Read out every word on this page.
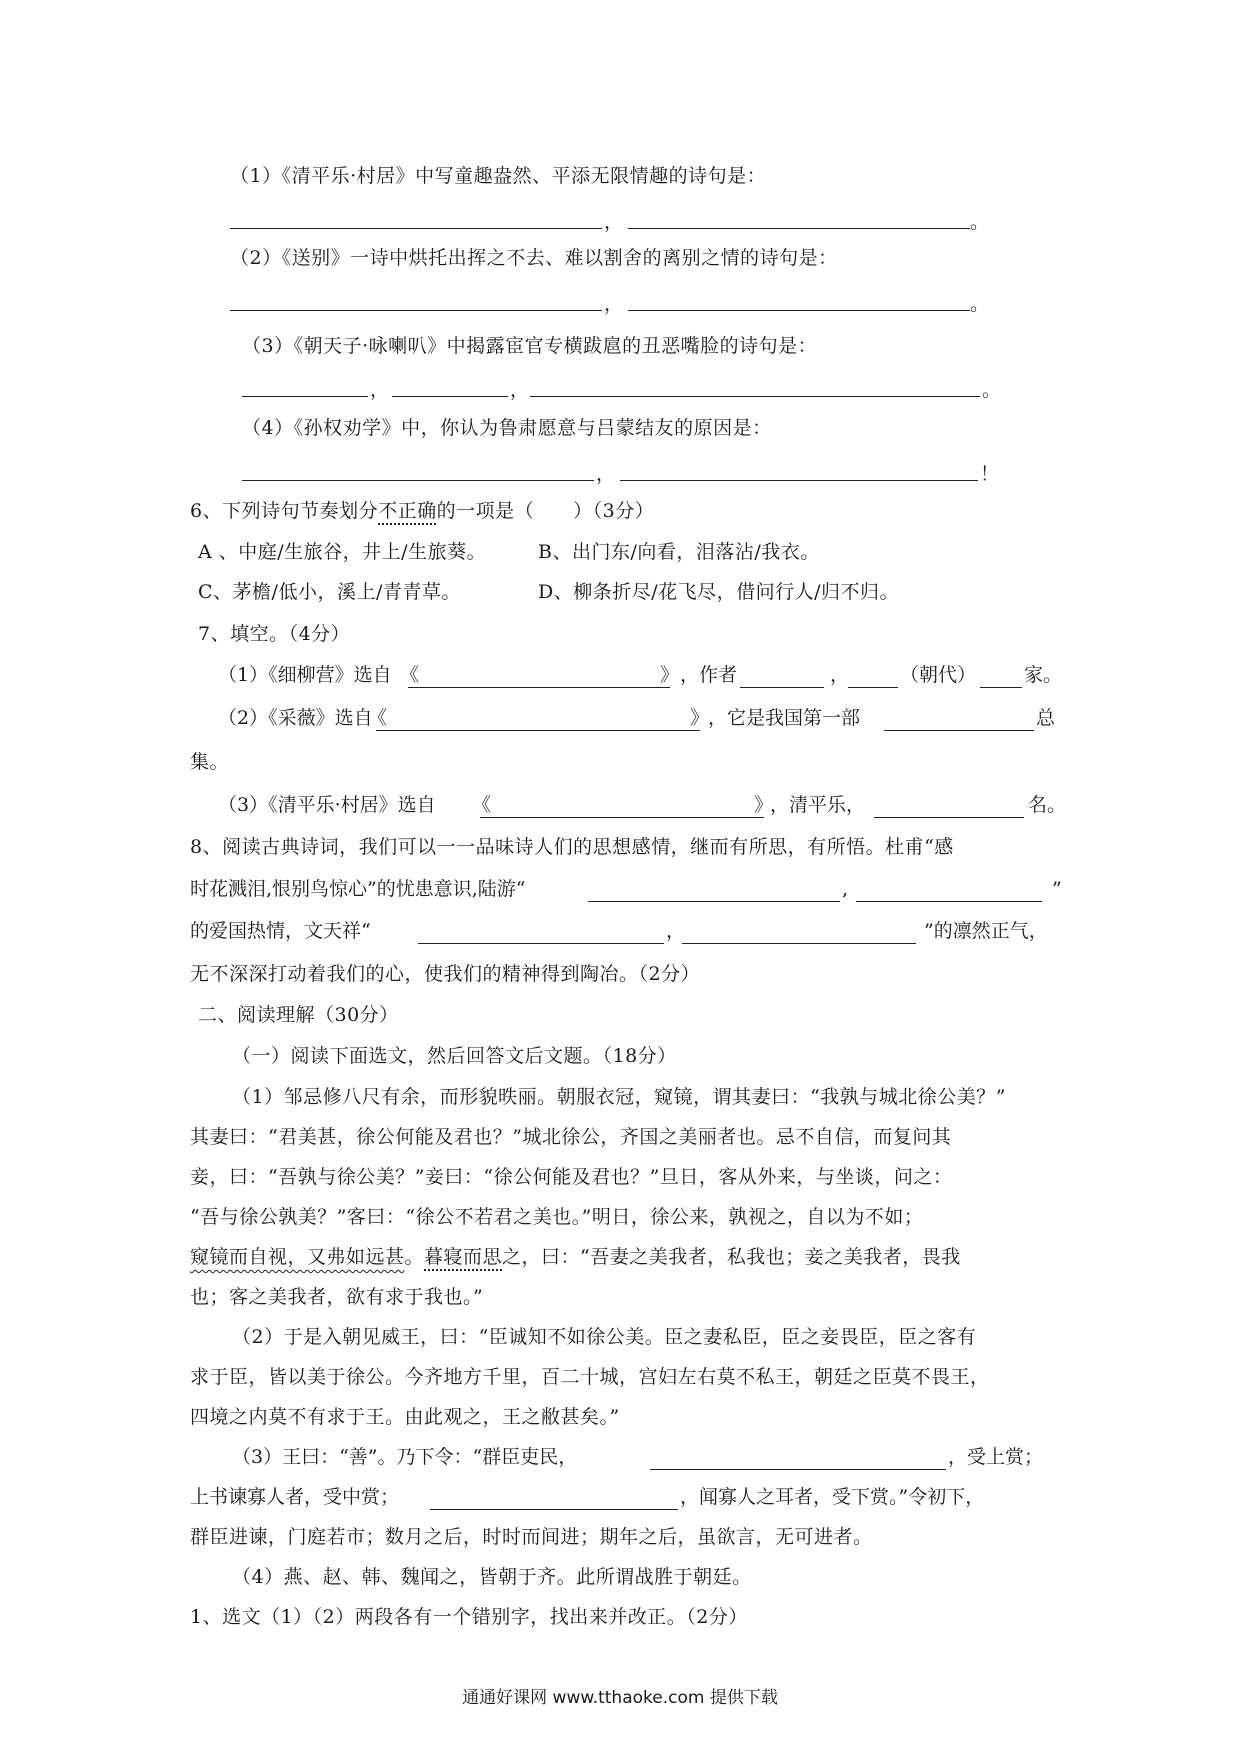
（1）《清平乐·村居》中写童趣盎然、平添无限情趣的诗句是：
，	。
（2）《送别》一诗中烘托出挥之不去、难以割舍的离别之情的诗句是：
，	。
（3）《朝天子·咏喇叭》中揭露宦官专横跋扈的丑恶嘴脸的诗句是：
，	，	。
（4）《孙权劝学》中，你认为鲁肃愿意与吕蒙结友的原因是：
，	！
6、下列诗句节奏划分不正确的一项是（　　）（3分）
A 、中庭/生旅谷，井上/生旅葵。	B、出门东/向看，泪落沾/我衣。
C、茅檐/低小，溪上/青青草。	D、柳条折尽/花飞尽，借问行人/归不归。
7、填空。（4分）
（1）《细柳营》选自 《	》 ，作者	，	（朝代）	家。
（2）《采薇》选自
《	》
，它是我国第一部	总
集。
（3）《清平乐·村居》选自 《	》
，清平乐，	名。
8、阅读古典诗词，我们可以一一品味诗人们的思想感情，继而有所思，有所悟。杜甫“感
时花溅泪,恨别鸟惊心”的忧患意识,陆游“	,	”
的爱国热情，文天祥“	，	”的凛然正气，
无不深深打动着我们的心，使我们的精神得到陶冶。（2分）
二、阅读理解（30分）
（一）阅读下面选文，然后回答文后文题。（18分）
（1）邹忌修八尺有余，而形貌昳丽。朝服衣冠，窥镜，谓其妻曰：“我孰与城北徐公美？”
其妻曰：“君美甚，徐公何能及君也？”城北徐公，齐国之美丽者也。忌不自信，而复问其
妾，曰：“吾孰与徐公美？”妾曰：“徐公何能及君也？”旦日，客从外来，与坐谈，问之：
“吾与徐公孰美？”客曰：“徐公不若君之美也。”明日，徐公来，孰视之，自以为不如；
窥镜而自视，又弗如远甚。暮寝而思之，曰：“吾妻之美我者，私我也；妾之美我者，畏我
也；客之美我者，欲有求于我也。”
（2）于是入朝见威王，曰：“臣诚知不如徐公美。臣之妻私臣，臣之妾畏臣，臣之客有
求于臣，皆以美于徐公。今齐地方千里，百二十城，宫妇左右莫不私王，朝廷之臣莫不畏王，
四境之内莫不有求于王。由此观之，王之敝甚矣。”
（3）王曰：“善”。乃下令：“群臣吏民，	，受上赏；
上书谏寡人者，受中赏；	，闻寡人之耳者，受下赏。”令初下，
群臣进谏，门庭若市；数月之后，时时而间进；期年之后，虽欲言，无可进者。
（4）燕、赵、韩、魏闻之，皆朝于齐。此所谓战胜于朝廷。
1、选文（1）（2）两段各有一个错别字，找出来并改正。（2分）
通通好课网 www.tthaoke.com 提供下载
